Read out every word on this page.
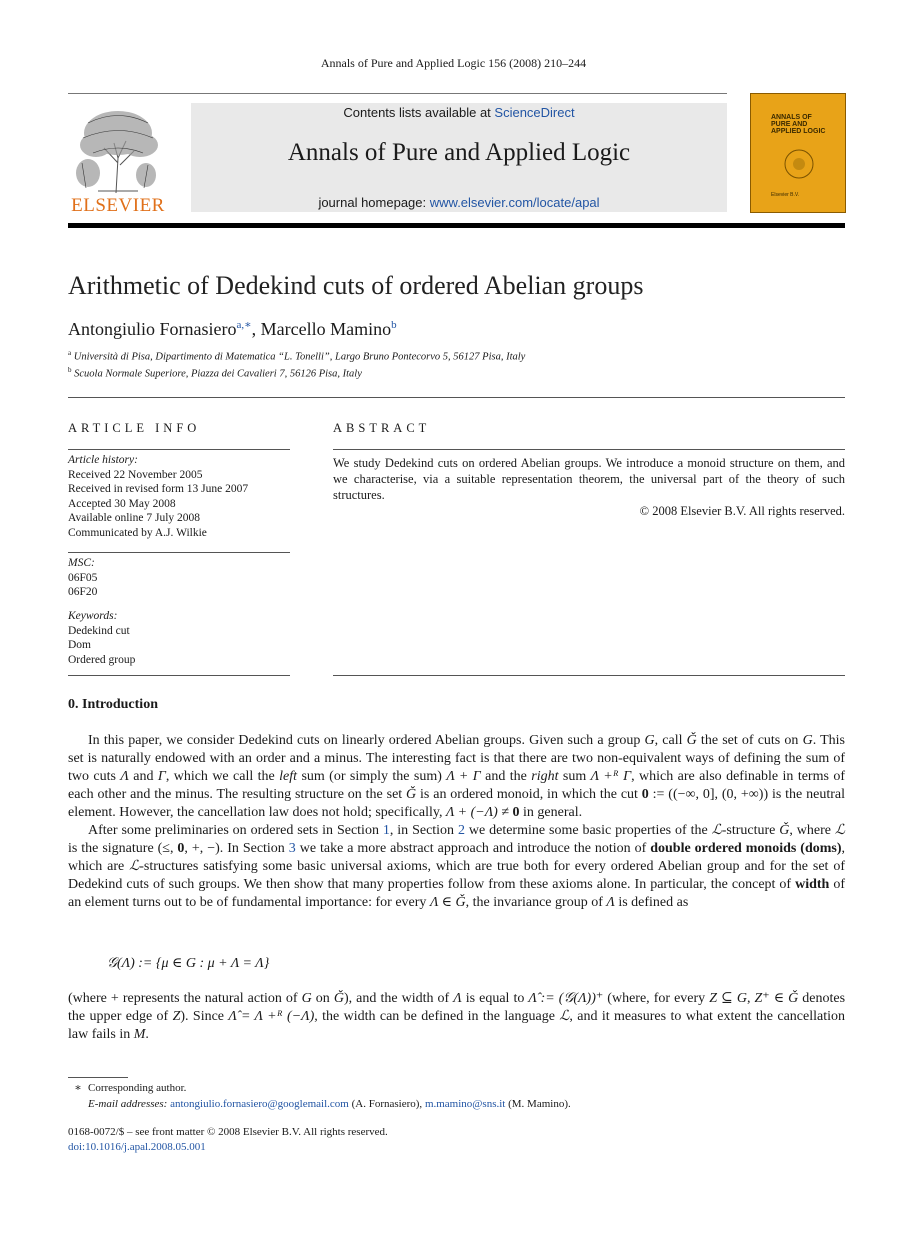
Annals of Pure and Applied Logic 156 (2008) 210–244
ELSEVIER
Contents lists available at ScienceDirect
Annals of Pure and Applied Logic
journal homepage: www.elsevier.com/locate/apal
ANNALS OF
PURE AND
APPLIED LOGIC
Elsevier B.V.
Arithmetic of Dedekind cuts of ordered Abelian groups
Antongiulio Fornasiero$^{a,∗}$, Marcello Mamino$^b$
$^a$ Università di Pisa, Dipartimento di Matematica “L. Tonelli”, Largo Bruno Pontecorvo 5, 56127 Pisa, Italy
$^b$ Scuola Normale Superiore, Piazza dei Cavalieri 7, 56126 Pisa, Italy
ARTICLE INFO
Article history:
Received 22 November 2005
Received in revised form 13 June 2007
Accepted 30 May 2008
Available online 7 July 2008
Communicated by A.J. Wilkie
MSC:
06F05
06F20
Keywords:
Dedekind cut
Dom
Ordered group
ABSTRACT
We study Dedekind cuts on ordered Abelian groups. We introduce a monoid structure on them, and we characterise, via a suitable representation theorem, the universal part of the theory of such structures.
© 2008 Elsevier B.V. All rights reserved.
0. Introduction

In this paper, we consider Dedekind cuts on linearly ordered Abelian groups. Given such a group G, call Ǧ the set of cuts on G. This set is naturally endowed with an order and a minus. The interesting fact is that there are two non-equivalent ways of defining the sum of two cuts Λ and Γ, which we call the left sum (or simply the sum) Λ + Γ and the right sum Λ +ᴿ Γ, which are also definable in terms of each other and the minus. The resulting structure on the set Ǧ is an ordered monoid, in which the cut 0 := ((−∞, 0], (0, +∞)) is the neutral element. However, the cancellation law does not hold; specifically, Λ + (−Λ) ≠ 0 in general.

After some preliminaries on ordered sets in Section 1, in Section 2 we determine some basic properties of the ℒ-structure Ǧ, where ℒ is the signature (≤, 0, +, −). In Section 3 we take a more abstract approach and introduce the notion of double ordered monoids (doms), which are ℒ-structures satisfying some basic universal axioms, which are true both for every ordered Abelian group and for the set of Dedekind cuts of such groups. We then show that many properties follow from these axioms alone. In particular, the concept of width of an element turns out to be of fundamental importance: for every Λ ∈ Ǧ, the invariance group of Λ is defined as

𝒢(Λ) := {μ ∈ G : μ + Λ = Λ}

(where + represents the natural action of G on Ǧ), and the width of Λ is equal to Λ̂ := (𝒢(Λ))⁺ (where, for every Z ⊆ G, Z⁺ ∈ Ǧ denotes the upper edge of Z). Since Λ̂ = Λ +ᴿ (−Λ), the width can be defined in the language ℒ, and it measures to what extent the cancellation law fails in M.

∗ Corresponding author.
E-mail addresses: antongiulio.fornasiero@googlemail.com (A. Fornasiero), m.mamino@sns.it (M. Mamino).
0168-0072/$ – see front matter © 2008 Elsevier B.V. All rights reserved.
doi:10.1016/j.apal.2008.05.001
